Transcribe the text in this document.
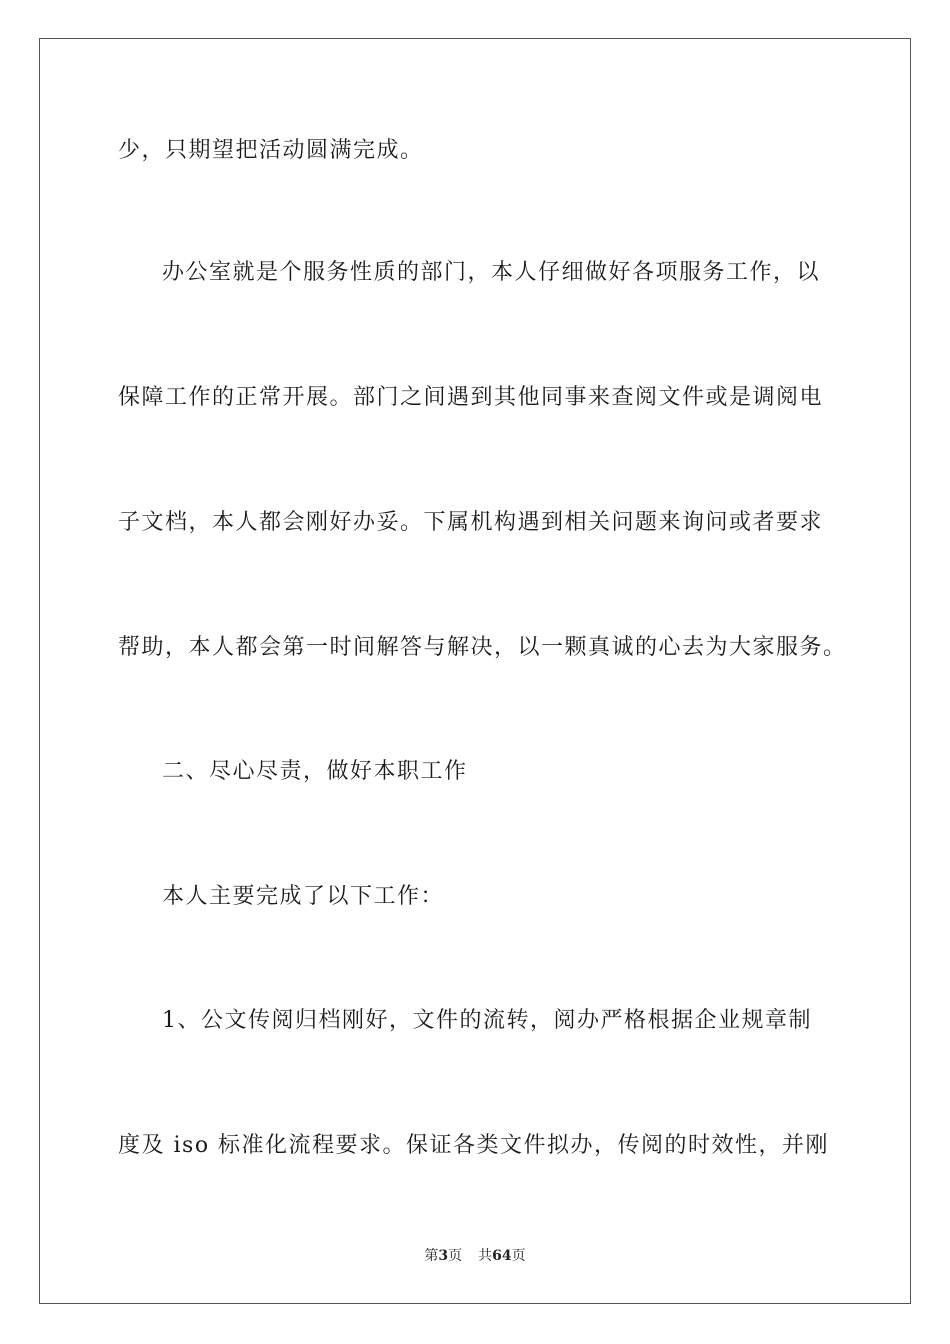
少，只期望把活动圆满完成。
办公室就是个服务性质的部门，本人仔细做好各项服务工作，以
保障工作的正常开展。部门之间遇到其他同事来查阅文件或是调阅电
子文档，本人都会刚好办妥。下属机构遇到相关问题来询问或者要求
帮助，本人都会第一时间解答与解决，以一颗真诚的心去为大家服务。
二、尽心尽责，做好本职工作
本人主要完成了以下工作：
1、公文传阅归档刚好，文件的流转，阅办严格根据企业规章制
度及 iso 标准化流程要求。保证各类文件拟办，传阅的时效性，并刚
第3页 共64页
